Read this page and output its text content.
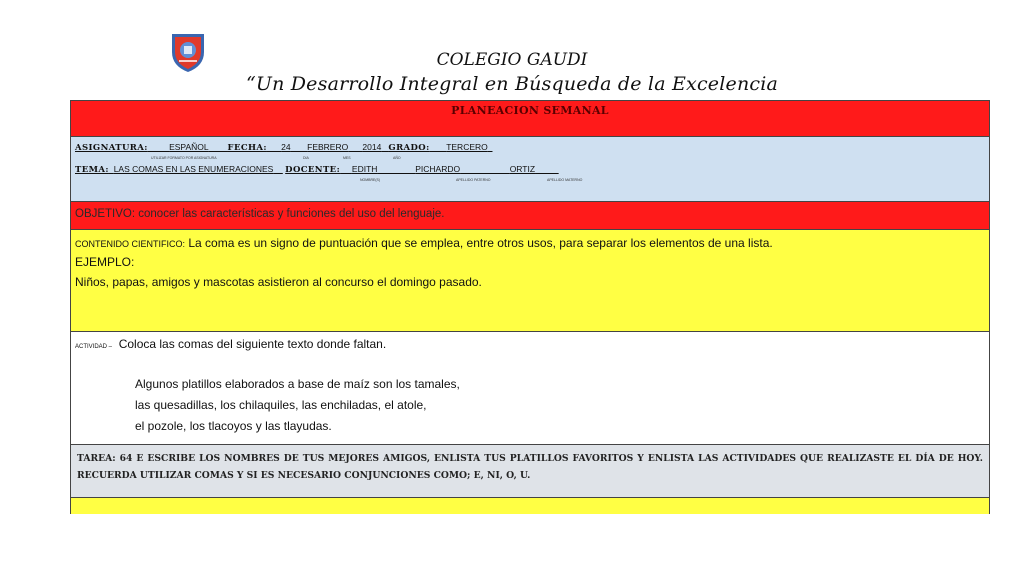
COLEGIO GAUDI
“Un Desarrollo Integral en Búsqueda de la Excelencia
PLANEACION SEMANAL
ASIGNATURA:	ESPAÑOL FECHA: 24 FEBRERO 2014 GRADO: TERCERO
UTILIZAR FORMATO POR ASIGNATURA	DIA	MES	AÑO
TEMA: LAS COMAS EN LAS ENUMERACIONES DOCENTE: EDITH	PICHARDO	ORTIZ
NOMBRE(S)	APELLIDO PATERNO	APELLIDO MATERNO
OBJETIVO: conocer las características y funciones del uso del lenguaje.
CONTENIDO CIENTIFICO: La coma es un signo de puntuación que se emplea, entre otros usos, para separar los elementos de una lista.
EJEMPLO:
Niños, papas, amigos y mascotas asistieron al concurso el domingo pasado.
ACTIVIDAD – Coloca las comas del siguiente texto donde faltan.
Algunos platillos elaborados a base de maíz son los tamales,
las quesadillas, los chilaquiles, las enchiladas, el atole,
el pozole, los tlacoyos y las tlayudas.
TAREA: 64 E ESCRIBE LOS NOMBRES DE TUS MEJORES AMIGOS, ENLISTA TUS PLATILLOS FAVORITOS Y ENLISTA LAS ACTIVIDADES QUE REALIZASTE EL DÍA DE HOY. RECUERDA UTILIZAR COMAS Y SI ES NECESARIO CONJUNCIONES COMO; E, NI, O, U.
